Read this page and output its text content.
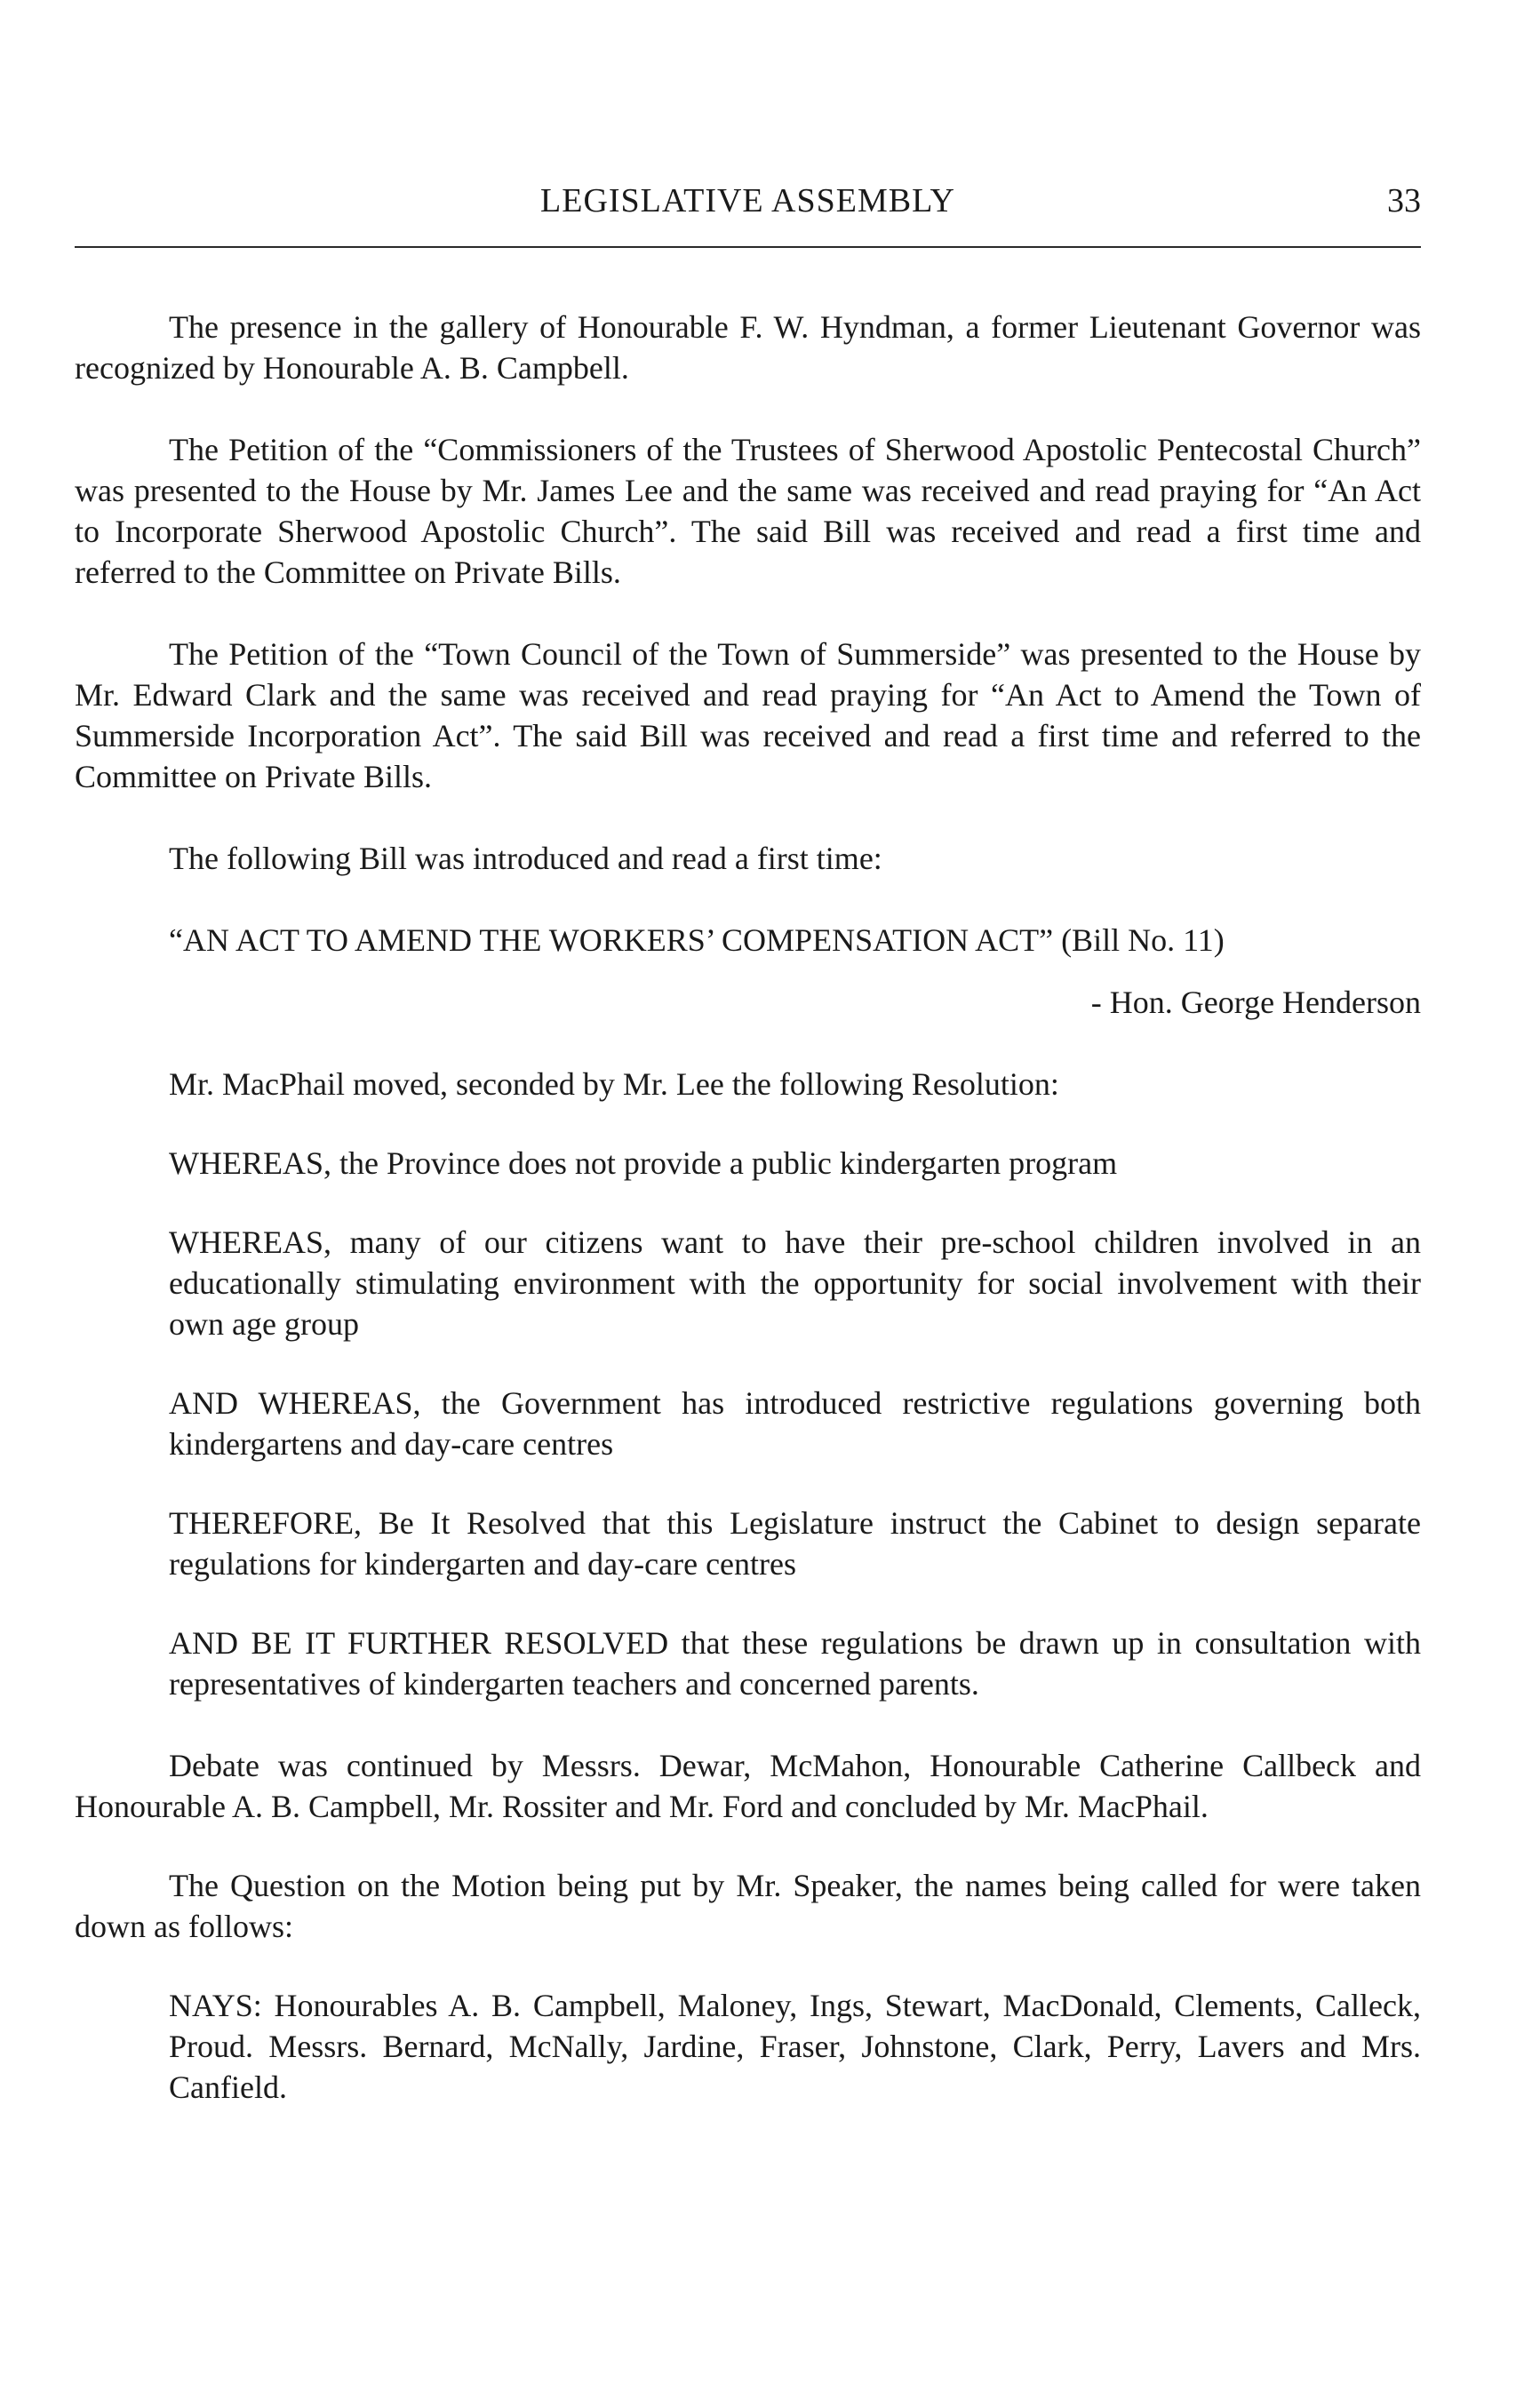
LEGISLATIVE ASSEMBLY	33

The presence in the gallery of Honourable F. W. Hyndman, a former Lieutenant Governor was recognized by Honourable A. B. Campbell.

The Petition of the “Commissioners of the Trustees of Sherwood Apostolic Pentecostal Church” was presented to the House by Mr. James Lee and the same was received and read praying for “An Act to Incorporate Sherwood Apostolic Church”. The said Bill was received and read a first time and referred to the Committee on Private Bills.

The Petition of the “Town Council of the Town of Summerside” was presented to the House by Mr. Edward Clark and the same was received and read praying for “An Act to Amend the Town of Summerside Incorporation Act”. The said Bill was received and read a first time and referred to the Committee on Private Bills.

The following Bill was introduced and read a first time:

“AN ACT TO AMEND THE WORKERS’ COMPENSATION ACT” (Bill No. 11)

- Hon. George Henderson

Mr. MacPhail moved, seconded by Mr. Lee the following Resolution:

WHEREAS, the Province does not provide a public kindergarten program

WHEREAS, many of our citizens want to have their pre-school children involved in an educationally stimulating environment with the opportunity for social involvement with their own age group

AND WHEREAS, the Government has introduced restrictive regulations governing both kindergartens and day-care centres

THEREFORE, Be It Resolved that this Legislature instruct the Cabinet to design separate regulations for kindergarten and day-care centres

AND BE IT FURTHER RESOLVED that these regulations be drawn up in consultation with representatives of kindergarten teachers and concerned parents.

Debate was continued by Messrs. Dewar, McMahon, Honourable Catherine Callbeck and Honourable A. B. Campbell, Mr. Rossiter and Mr. Ford and concluded by Mr. MacPhail.

The Question on the Motion being put by Mr. Speaker, the names being called for were taken down as follows:

NAYS: Honourables A. B. Campbell, Maloney, Ings, Stewart, MacDonald, Clements, Calleck, Proud. Messrs. Bernard, McNally, Jardine, Fraser, Johnstone, Clark, Perry, Lavers and Mrs. Canfield.
